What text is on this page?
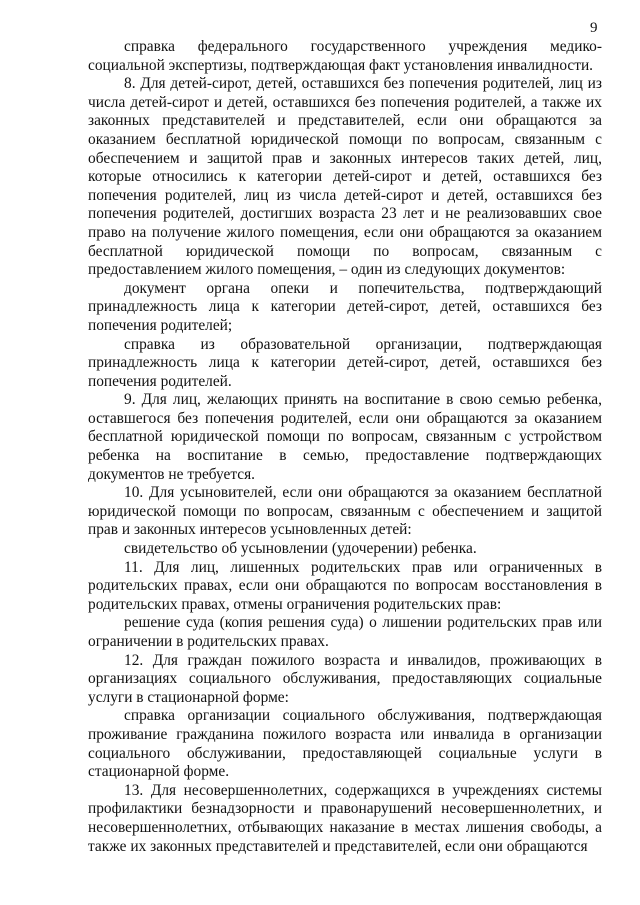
9

справка федерального государственного учреждения медико-социальной экспертизы, подтверждающая факт установления инвалидности.

8. Для детей-сирот, детей, оставшихся без попечения родителей, лиц из числа детей-сирот и детей, оставшихся без попечения родителей, а также их законных представителей и представителей, если они обращаются за оказанием бесплатной юридической помощи по вопросам, связанным с обеспечением и защитой прав и законных интересов таких детей, лиц, которые относились к категории детей-сирот и детей, оставшихся без попечения родителей, лиц из числа детей-сирот и детей, оставшихся без попечения родителей, достигших возраста 23 лет и не реализовавших свое право на получение жилого помещения, если они обращаются за оказанием бесплатной юридической помощи по вопросам, связанным с предоставлением жилого помещения, – один из следующих документов:

документ органа опеки и попечительства, подтверждающий принадлежность лица к категории детей-сирот, детей, оставшихся без попечения родителей;

справка из образовательной организации, подтверждающая принадлежность лица к категории детей-сирот, детей, оставшихся без попечения родителей.

9. Для лиц, желающих принять на воспитание в свою семью ребенка, оставшегося без попечения родителей, если они обращаются за оказанием бесплатной юридической помощи по вопросам, связанным с устройством ребенка на воспитание в семью, предоставление подтверждающих документов не требуется.

10. Для усыновителей, если они обращаются за оказанием бесплатной юридической помощи по вопросам, связанным с обеспечением и защитой прав и законных интересов усыновленных детей:

свидетельство об усыновлении (удочерении) ребенка.

11. Для лиц, лишенных родительских прав или ограниченных в родительских правах, если они обращаются по вопросам восстановления в родительских правах, отмены ограничения родительских прав:

решение суда (копия решения суда) о лишении родительских прав или ограничении в родительских правах.

12. Для граждан пожилого возраста и инвалидов, проживающих в организациях социального обслуживания, предоставляющих социальные услуги в стационарной форме:

справка организации социального обслуживания, подтверждающая проживание гражданина пожилого возраста или инвалида в организации социального обслуживании, предоставляющей социальные услуги в стационарной форме.

13. Для несовершеннолетних, содержащихся в учреждениях системы профилактики безнадзорности и правонарушений несовершеннолетних, и несовершеннолетних, отбывающих наказание в местах лишения свободы, а также их законных представителей и представителей, если они обращаются
